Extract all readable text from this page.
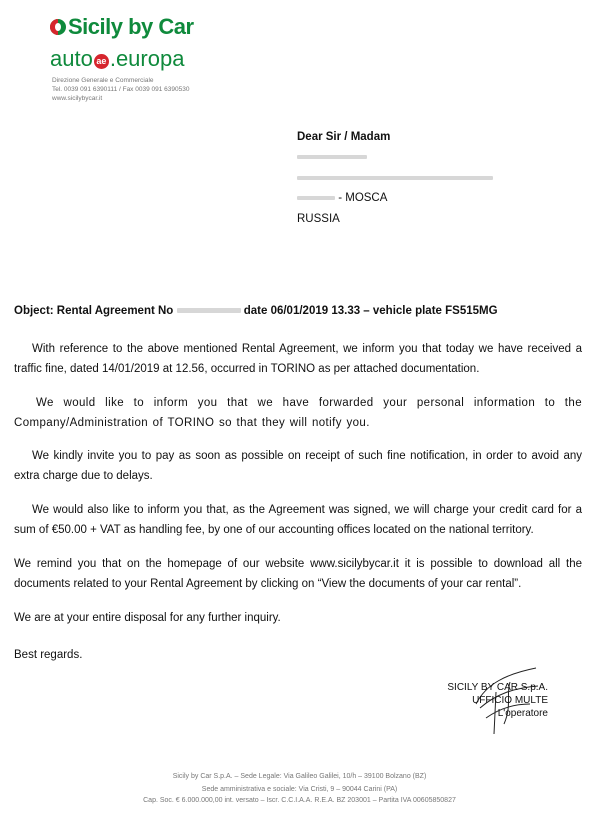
Sicily by Car
auto ae .europa
Direzione Generale e Commerciale
Tel. 0039 091 6390111 / Fax 0039 091 6390530
www.sicilybycar.it
Dear Sir / Madam
- MOSCA
RUSSIA
Object: Rental Agreement No	date 06/01/2019 13.33 – vehicle plate FS515MG
With reference to the above mentioned Rental Agreement, we inform you that today we have received a traffic fine, dated 14/01/2019 at 12.56, occurred in TORINO as per attached documentation.
We would like to inform you that we have forwarded your personal information to the Company/Administration of TORINO so that they will notify you.
We kindly invite you to pay as soon as possible on receipt of such fine notification, in order to avoid any extra charge due to delays.
We would also like to inform you that, as the Agreement was signed, we will charge your credit card for a sum of €50.00 + VAT as handling fee, by one of our accounting offices located on the national territory.
We remind you that on the homepage of our website www.sicilybycar.it it is possible to download all the documents related to your Rental Agreement by clicking on “View the documents of your car rental”.
We are at your entire disposal for any further inquiry.
Best regards.
SICILY BY CAR S.p.A.
UFFICIO MULTE
L'operatore
Sicily by Car S.p.A. – Sede Legale: Via Galileo Galilei, 10/h – 39100 Bolzano (BZ)
Sede amministrativa e sociale: Via Cristi, 9 – 90044 Carini (PA)
Cap. Soc. € 6.000.000,00 int. versato – Iscr. C.C.I.A.A. R.E.A. BZ 203001 – Partita IVA 00605850827
